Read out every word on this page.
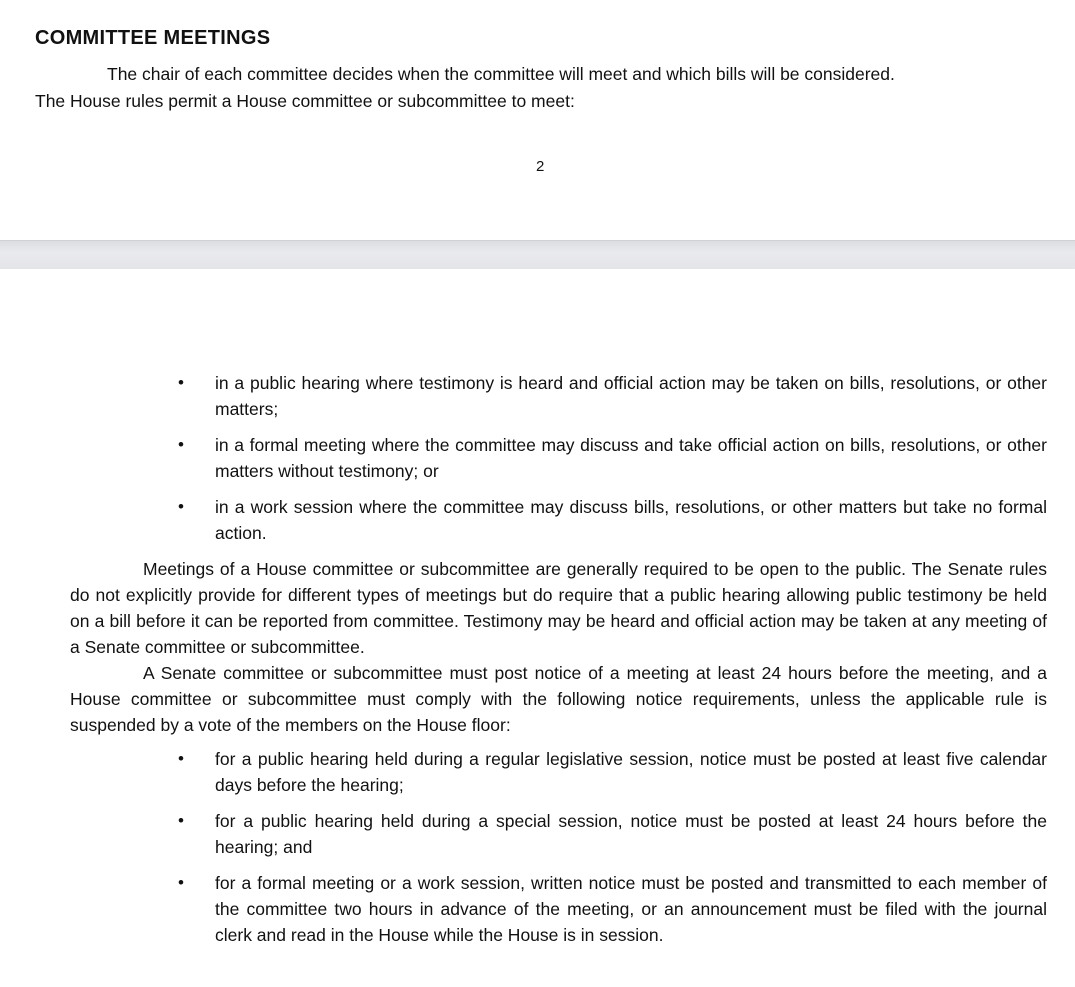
COMMITTEE MEETINGS
The chair of each committee decides when the committee will meet and which bills will be considered.
The House rules permit a House committee or subcommittee to meet:
2
• in a public hearing where testimony is heard and official action may be taken on bills, resolutions, or other matters;
• in a formal meeting where the committee may discuss and take official action on bills, resolutions, or other matters without testimony; or
• in a work session where the committee may discuss bills, resolutions, or other matters but take no formal action.

Meetings of a House committee or subcommittee are generally required to be open to the public. The Senate rules do not explicitly provide for different types of meetings but do require that a public hearing allowing public testimony be held on a bill before it can be reported from committee. Testimony may be heard and official action may be taken at any meeting of a Senate committee or subcommittee.

A Senate committee or subcommittee must post notice of a meeting at least 24 hours before the meeting, and a House committee or subcommittee must comply with the following notice requirements, unless the applicable rule is suspended by a vote of the members on the House floor:

• for a public hearing held during a regular legislative session, notice must be posted at least five calendar days before the hearing;
• for a public hearing held during a special session, notice must be posted at least 24 hours before the hearing; and
• for a formal meeting or a work session, written notice must be posted and transmitted to each member of the committee two hours in advance of the meeting, or an announcement must be filed with the journal clerk and read in the House while the House is in session.
